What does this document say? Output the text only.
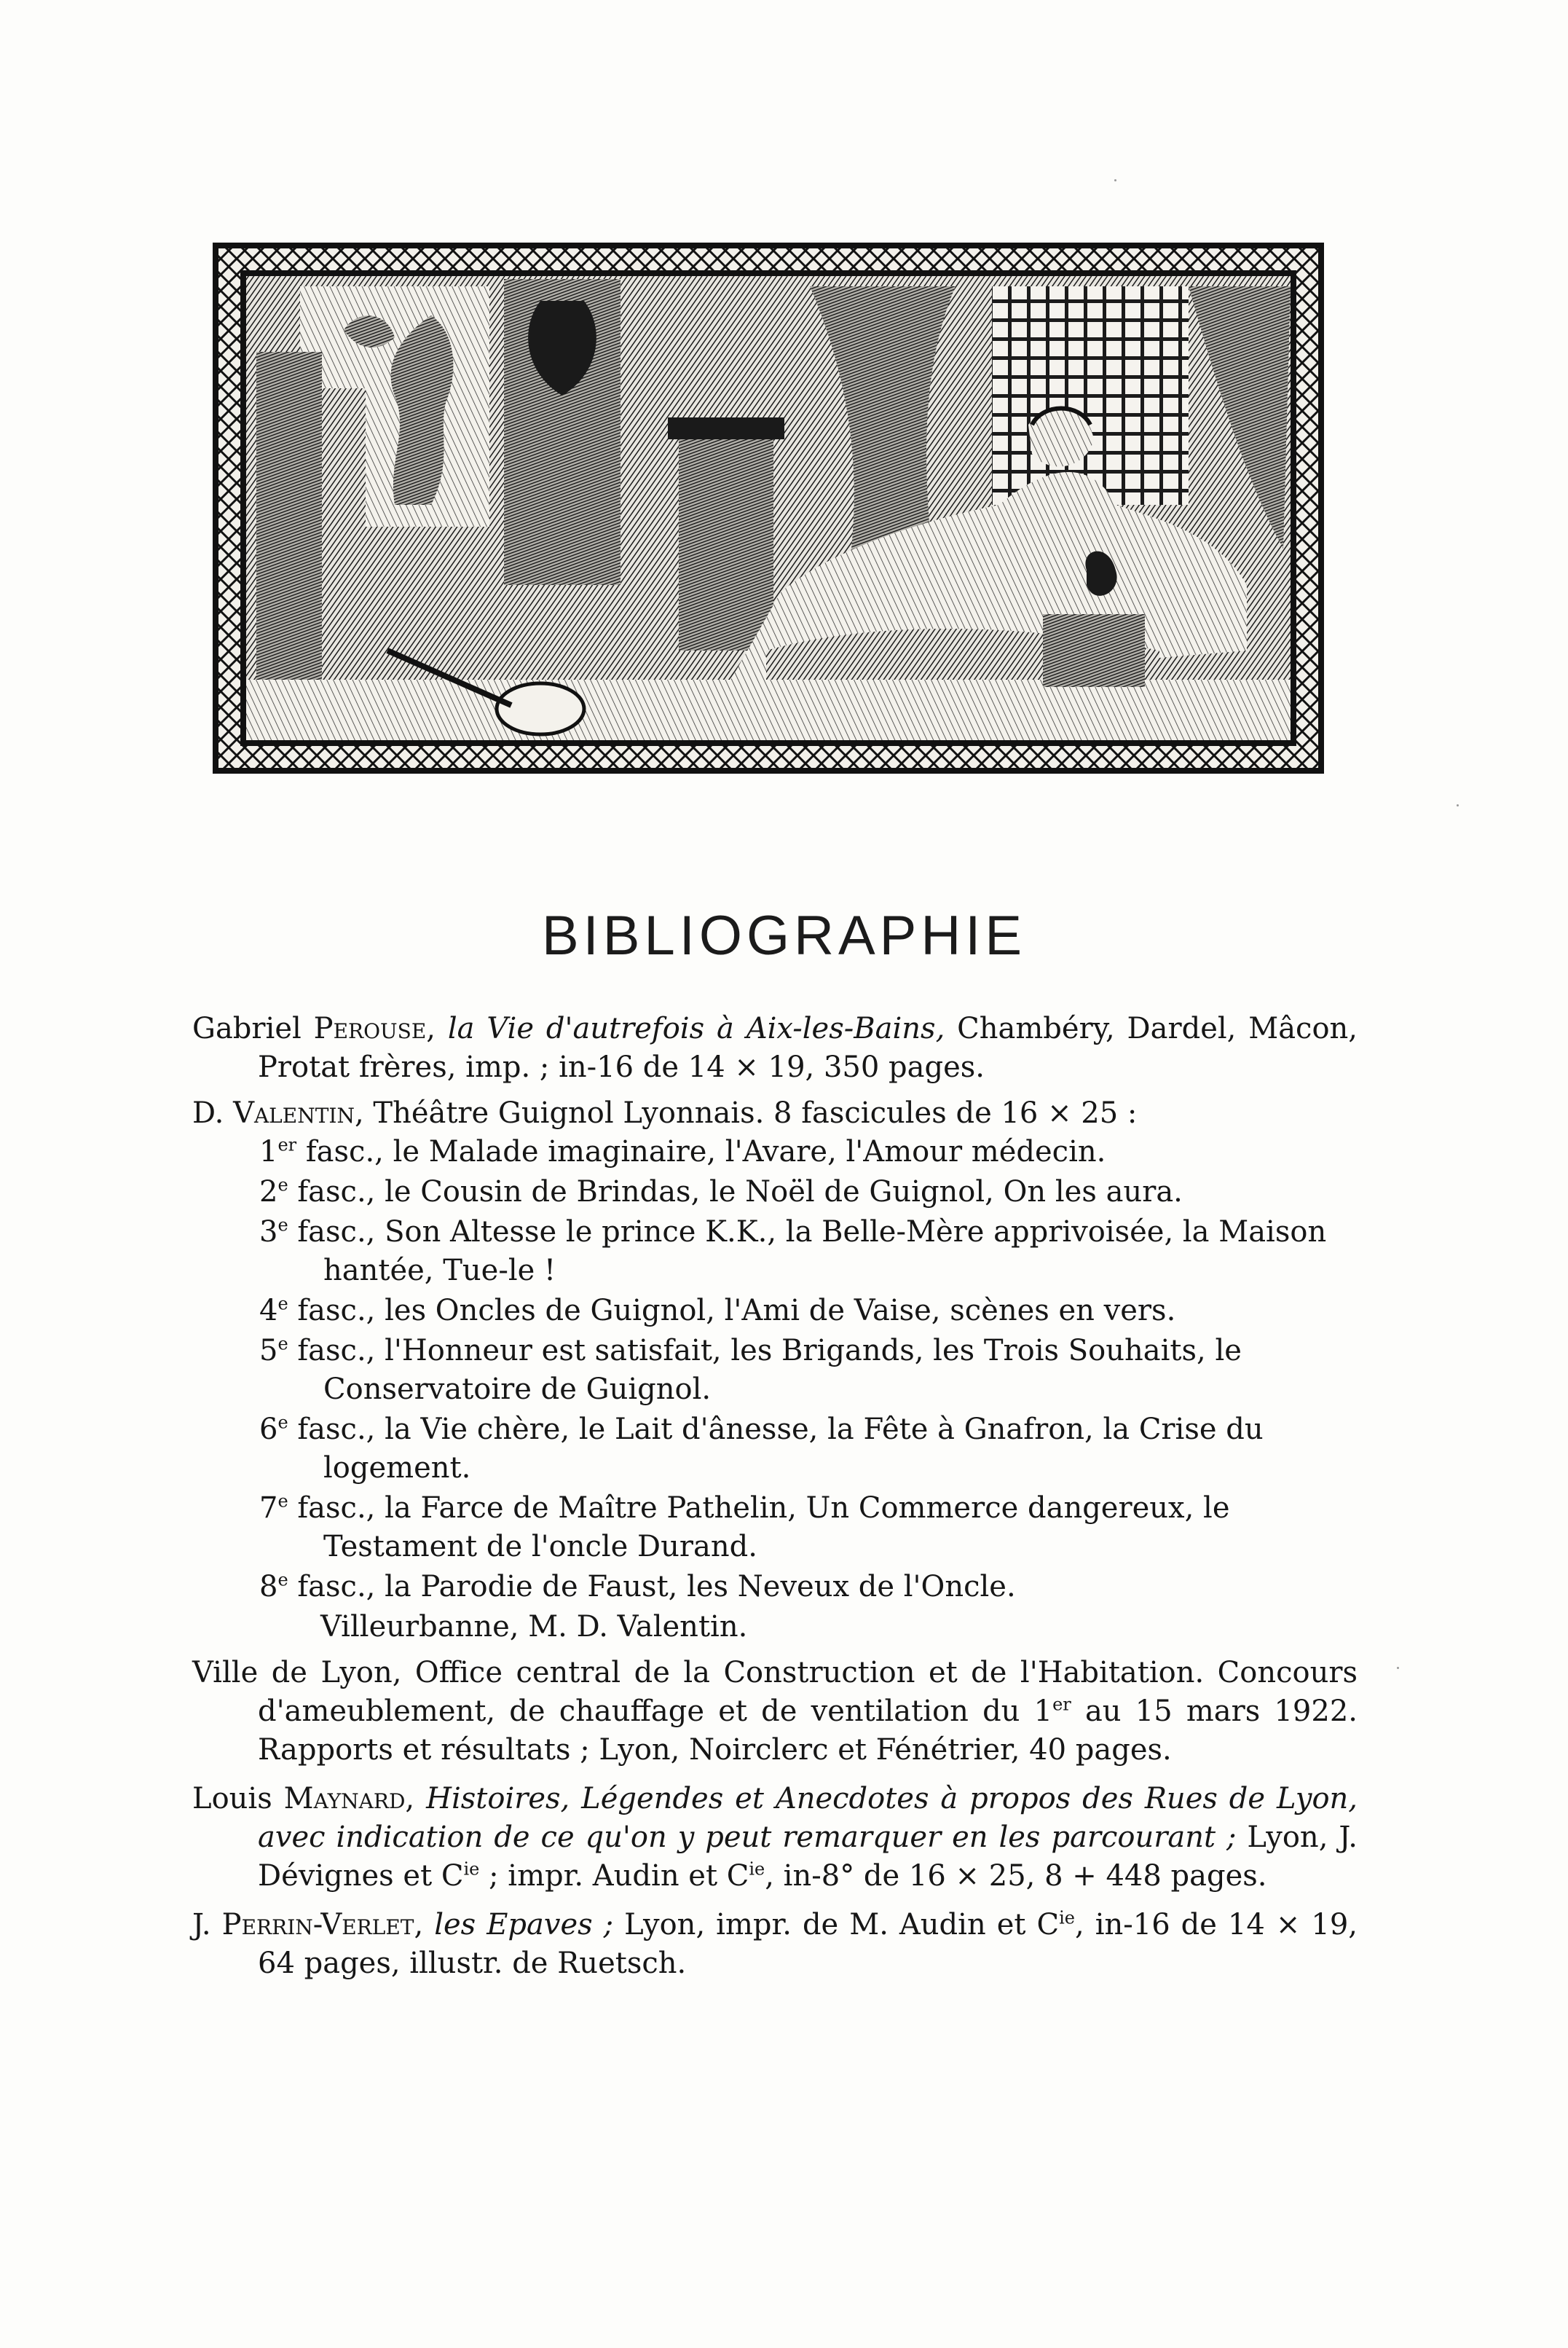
BIBLIOGRAPHIE

Gabriel Perouse, la Vie d'autrefois à Aix-les-Bains, Chambéry, Dardel, Mâcon, Protat frères, imp. ; in-16 de 14 × 19, 350 pages.

D. Valentin, Théâtre Guignol Lyonnais. 8 fascicules de 16 × 25 :

1er fasc., le Malade imaginaire, l'Avare, l'Amour médecin.

2e fasc., le Cousin de Brindas, le Noël de Guignol, On les aura.

3e fasc., Son Altesse le prince K.K., la Belle-Mère apprivoisée, la Maison hantée, Tue-le !

4e fasc., les Oncles de Guignol, l'Ami de Vaise, scènes en vers.

5e fasc., l'Honneur est satisfait, les Brigands, les Trois Souhaits, le Conservatoire de Guignol.

6e fasc., la Vie chère, le Lait d'ânesse, la Fête à Gnafron, la Crise du logement.

7e fasc., la Farce de Maître Pathelin, Un Commerce dangereux, le Testament de l'oncle Durand.

8e fasc., la Parodie de Faust, les Neveux de l'Oncle.

Villeurbanne, M. D. Valentin.

Ville de Lyon, Office central de la Construction et de l'Habitation. Concours d'ameublement, de chauffage et de ventilation du 1er au 15 mars 1922. Rapports et résultats ; Lyon, Noirclerc et Fénétrier, 40 pages.

Louis Maynard, Histoires, Légendes et Anecdotes à propos des Rues de Lyon, avec indication de ce qu'on y peut remarquer en les parcourant ; Lyon, J. Dévignes et $C^{ie}$ ; impr. Audin et $C^{ie}$, in-8° de 16 × 25, 8 + 448 pages.

J. Perrin-Verlet, les Epaves ; Lyon, impr. de M. Audin et $C^{ie}$, in-16 de 14 × 19, 64 pages, illustr. de Ruetsch.
